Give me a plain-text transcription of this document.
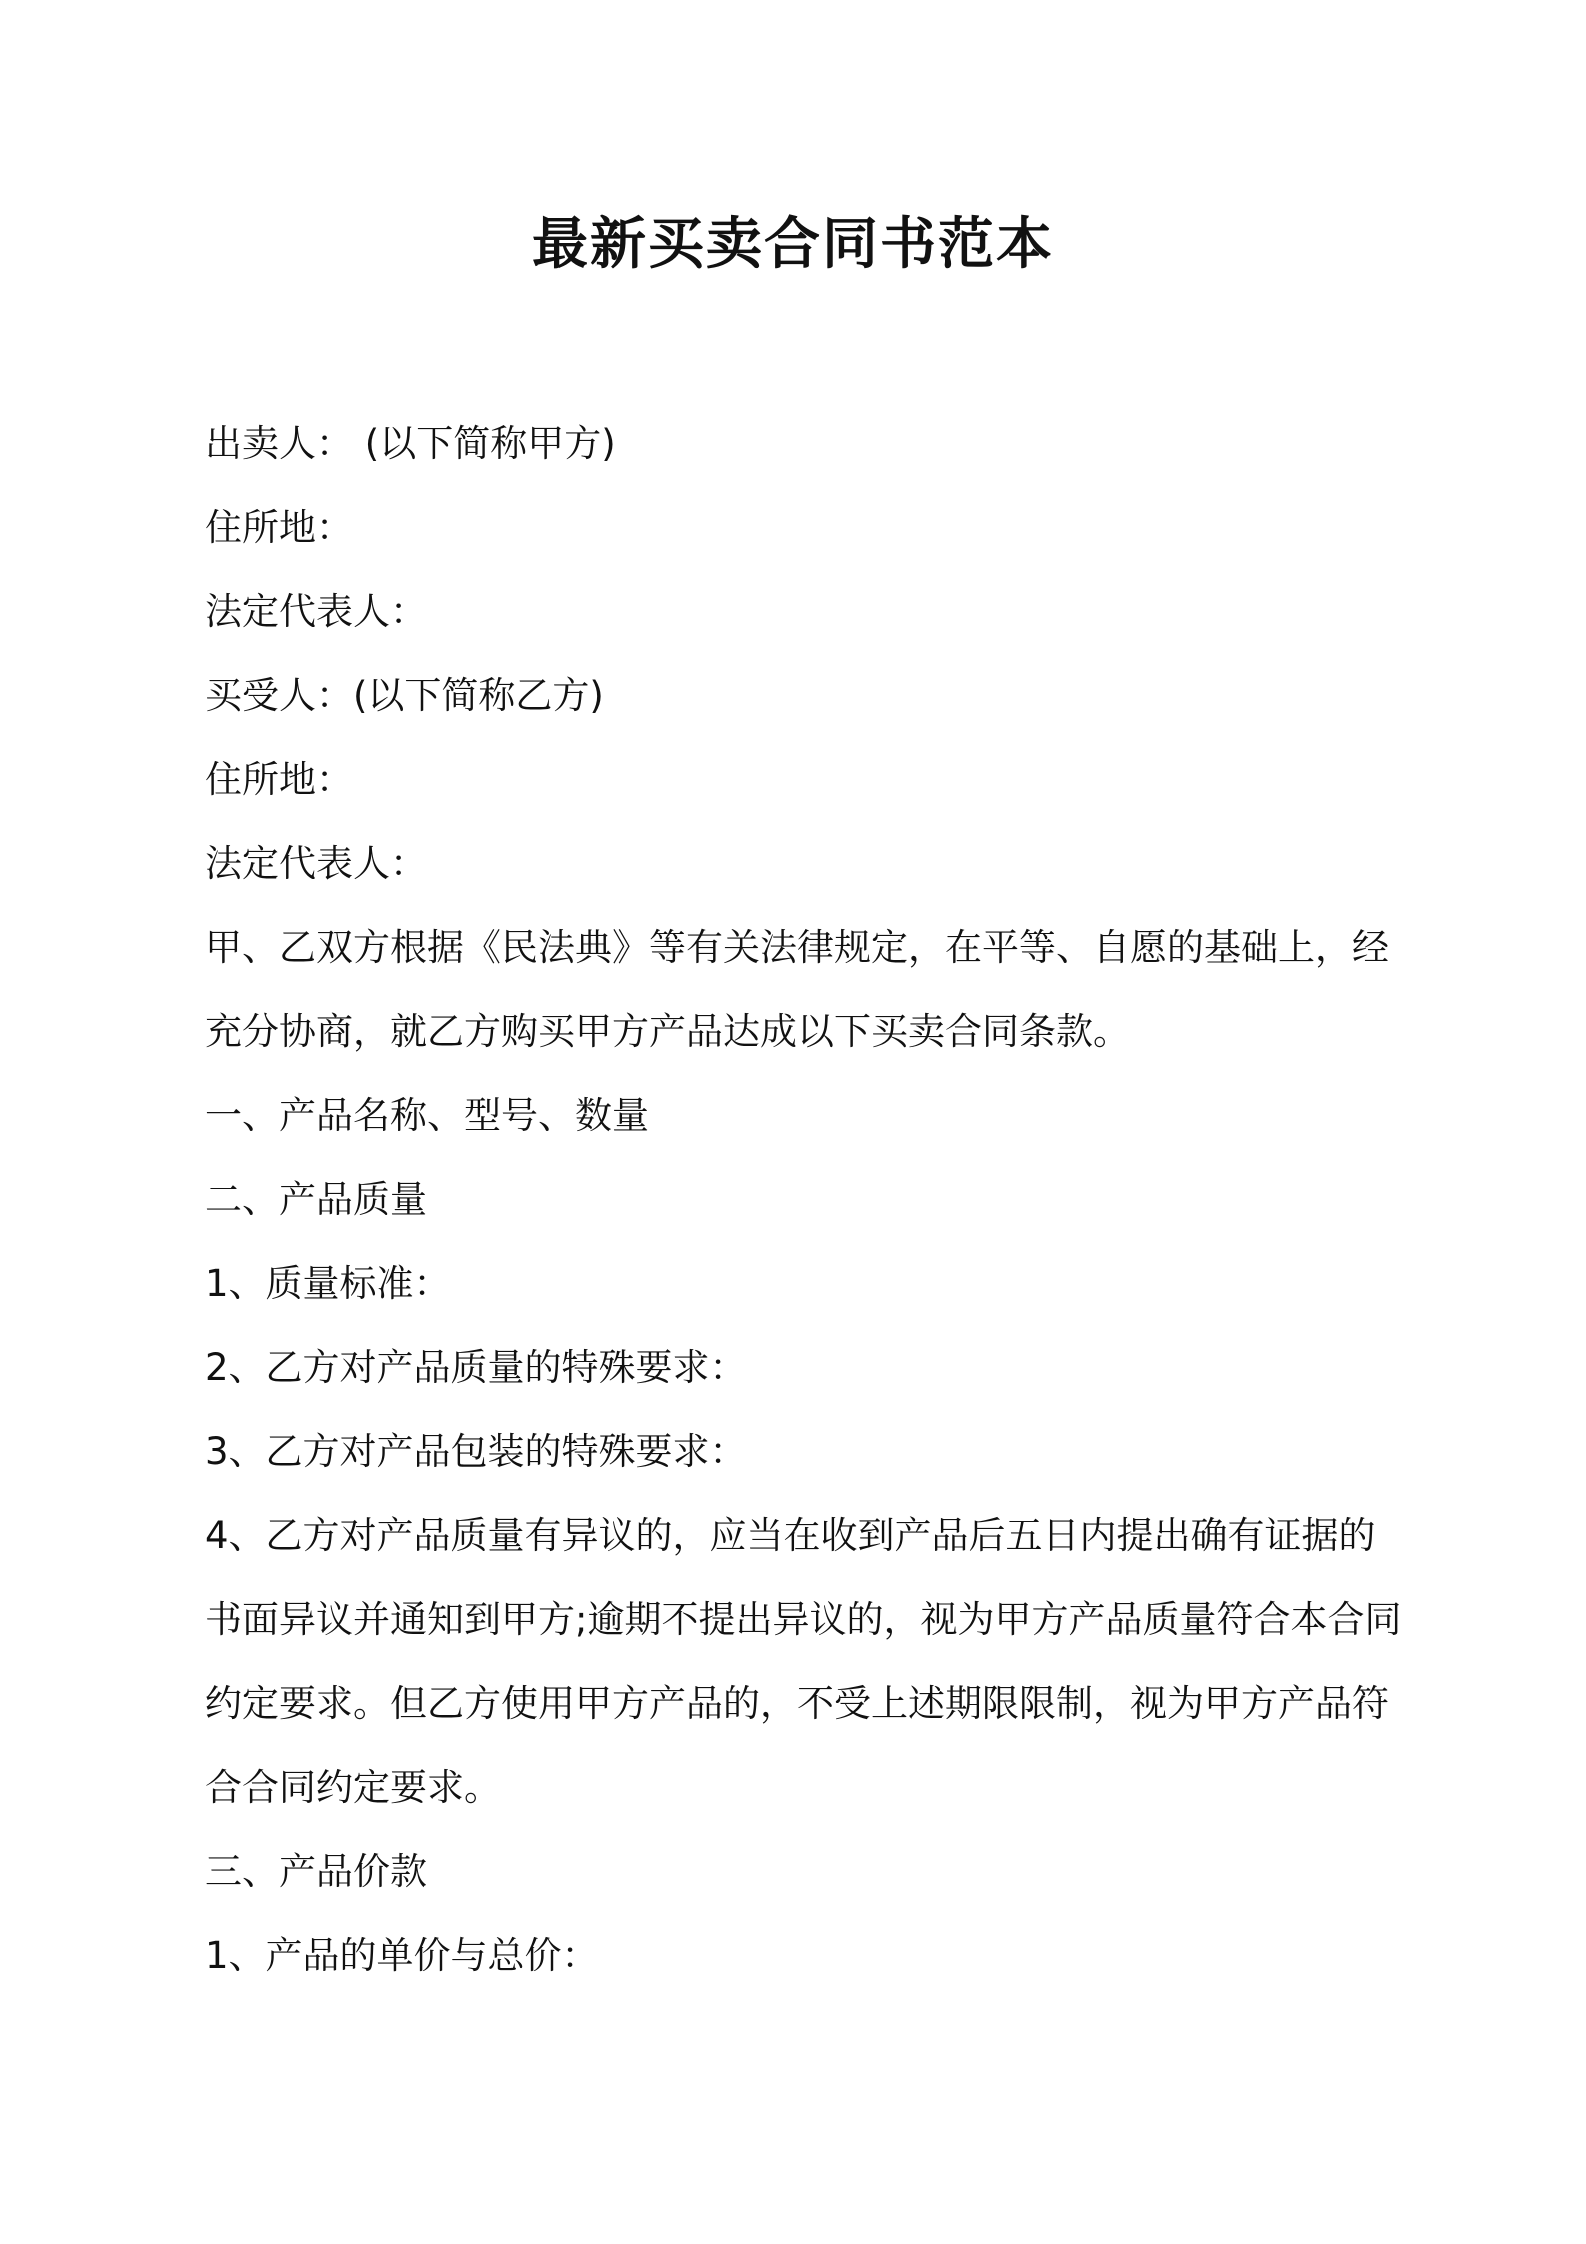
最新买卖合同书范本

出卖人： (以下简称甲方)

住所地：

法定代表人：

买受人：(以下简称乙方)

住所地：

法定代表人：

甲、乙双方根据《民法典》等有关法律规定，在平等、自愿的基础上，经
充分协商，就乙方购买甲方产品达成以下买卖合同条款。

一、产品名称、型号、数量

二、产品质量

1、质量标准：

2、乙方对产品质量的特殊要求：

3、乙方对产品包装的特殊要求：

4、乙方对产品质量有异议的，应当在收到产品后五日内提出确有证据的
书面异议并通知到甲方;逾期不提出异议的，视为甲方产品质量符合本合同
约定要求。但乙方使用甲方产品的，不受上述期限限制，视为甲方产品符
合合同约定要求。

三、产品价款

1、产品的单价与总价：
